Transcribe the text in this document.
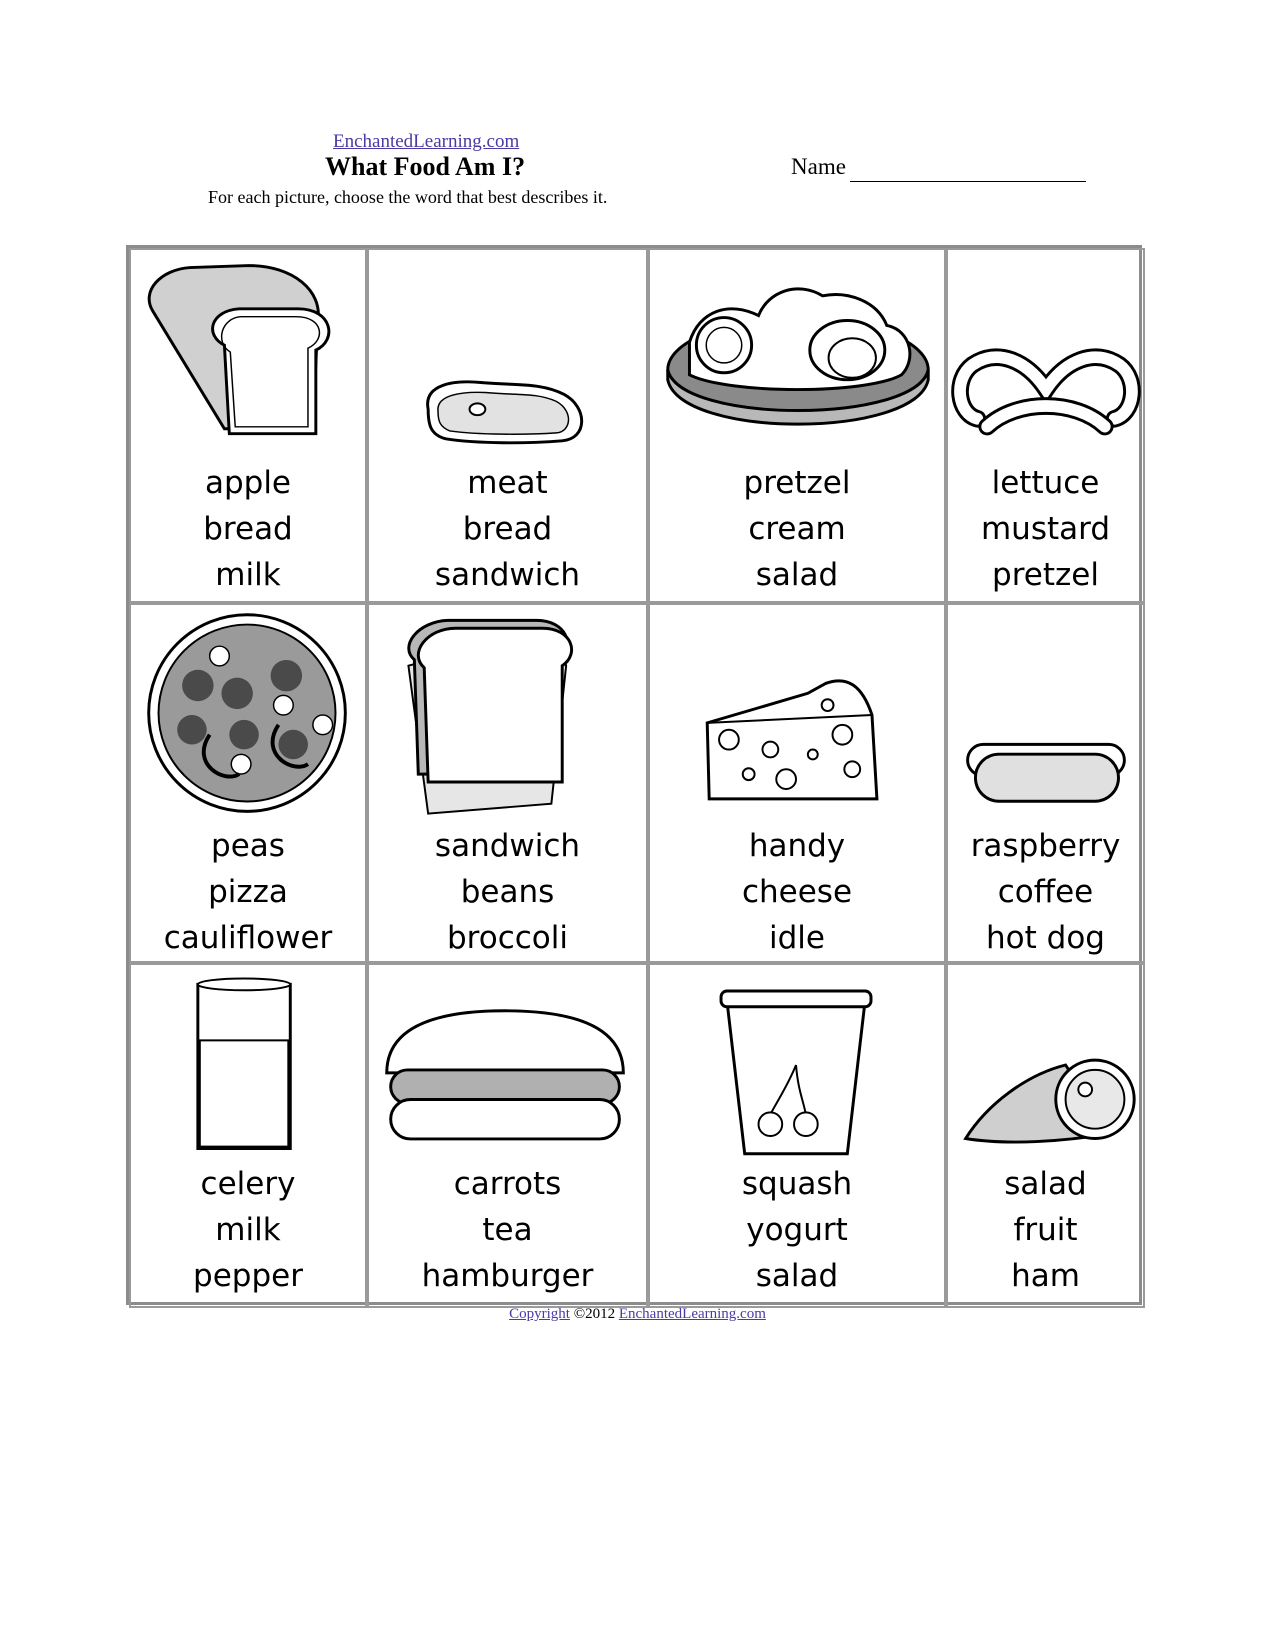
EnchantedLearning.com
What Food Am I?	Name
For each picture, choose the word that best describes it.
apple
bread
milk
meat
bread
sandwich
pretzel
cream
salad
lettuce
mustard
pretzel
peas
pizza
cauliflower
sandwich
beans
broccoli
handy
cheese
idle
raspberry
coffee
hot dog
celery
milk
pepper
carrots
tea
hamburger
squash
yogurt
salad
salad
fruit
ham
Copyright ©2012 EnchantedLearning.com
